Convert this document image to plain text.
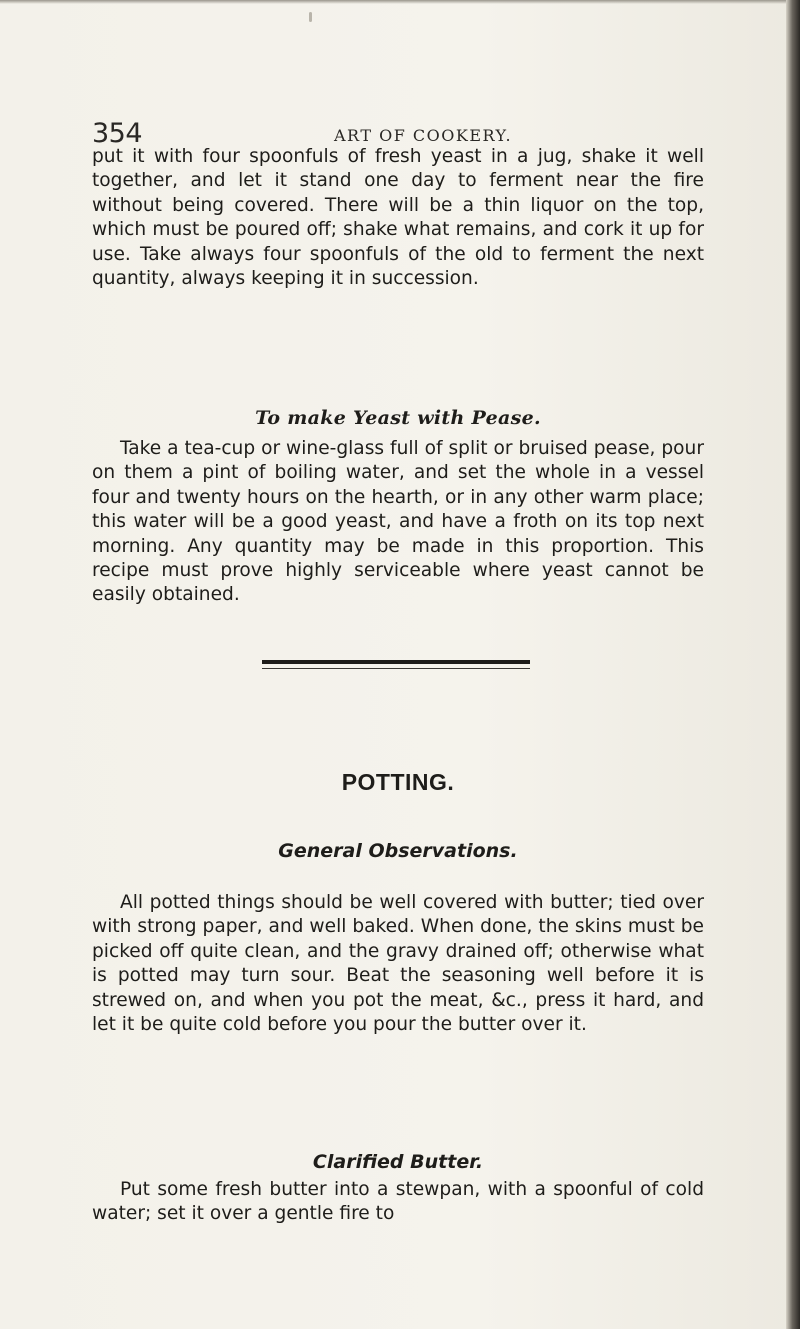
354	ART OF COOKERY.

put it with four spoonfuls of fresh yeast in a jug, shake it well together, and let it stand one day to ferment near the fire without being covered. There will be a thin liquor on the top, which must be poured off; shake what remains, and cork it up for use. Take always four spoonfuls of the old to ferment the next quantity, always keeping it in succession.

To make Yeast with Pease.

Take a tea-cup or wine-glass full of split or bruised pease, pour on them a pint of boiling water, and set the whole in a vessel four and twenty hours on the hearth, or in any other warm place; this water will be a good yeast, and have a froth on its top next morning. Any quantity may be made in this proportion. This recipe must prove highly serviceable where yeast cannot be easily obtained.

POTTING.
General Observations.

All potted things should be well covered with butter; tied over with strong paper, and well baked. When done, the skins must be picked off quite clean, and the gravy drained off; otherwise what is potted may turn sour. Beat the seasoning well before it is strewed on, and when you pot the meat, &c., press it hard, and let it be quite cold before you pour the butter over it.

Clarified Butter.

Put some fresh butter into a stewpan, with a spoonful of cold water; set it over a gentle fire to
